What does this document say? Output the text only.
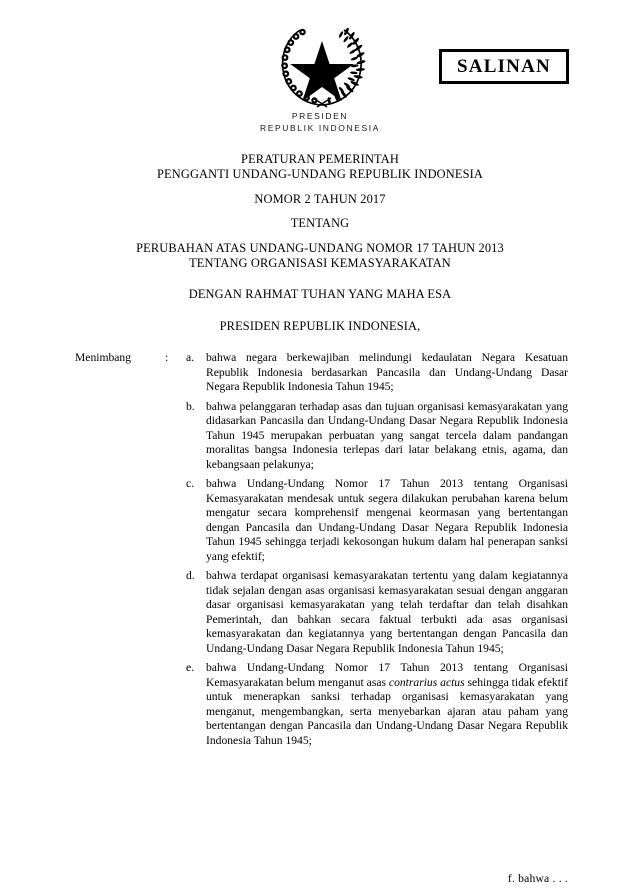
SALINAN
PRESIDEN
REPUBLIK INDONESIA
PERATURAN PEMERINTAH
PENGGANTI UNDANG-UNDANG REPUBLIK INDONESIA
NOMOR 2 TAHUN 2017
TENTANG
PERUBAHAN ATAS UNDANG-UNDANG NOMOR 17 TAHUN 2013
TENTANG ORGANISASI KEMASYARAKATAN
DENGAN RAHMAT TUHAN YANG MAHA ESA
PRESIDEN REPUBLIK INDONESIA,
Menimbang	:	a.	bahwa negara berkewajiban melindungi kedaulatan Negara Kesatuan Republik Indonesia berdasarkan Pancasila dan Undang-Undang Dasar Negara Republik Indonesia Tahun 1945;

		b.	bahwa pelanggaran terhadap asas dan tujuan organisasi kemasyarakatan yang didasarkan Pancasila dan Undang-Undang Dasar Negara Republik Indonesia Tahun 1945 merupakan perbuatan yang sangat tercela dalam pandangan moralitas bangsa Indonesia terlepas dari latar belakang etnis, agama, dan kebangsaan pelakunya;

		c.	bahwa Undang-Undang Nomor 17 Tahun 2013 tentang Organisasi Kemasyarakatan mendesak untuk segera dilakukan perubahan karena belum mengatur secara komprehensif mengenai keormasan yang bertentangan dengan Pancasila dan Undang-Undang Dasar Negara Republik Indonesia Tahun 1945 sehingga terjadi kekosongan hukum dalam hal penerapan sanksi yang efektif;

		d.	bahwa terdapat organisasi kemasyarakatan tertentu yang dalam kegiatannya tidak sejalan dengan asas organisasi kemasyarakatan sesuai dengan anggaran dasar organisasi kemasyarakatan yang telah terdaftar dan telah disahkan Pemerintah, dan bahkan secara faktual terbukti ada asas organisasi kemasyarakatan dan kegiatannya yang bertentangan dengan Pancasila dan Undang-Undang Dasar Negara Republik Indonesia Tahun 1945;

		e.	bahwa Undang-Undang Nomor 17 Tahun 2013 tentang Organisasi Kemasyarakatan belum menganut asas contrarius actus sehingga tidak efektif untuk menerapkan sanksi terhadap organisasi kemasyarakatan yang menganut, mengembangkan, serta menyebarkan ajaran atau paham yang bertentangan dengan Pancasila dan Undang-Undang Dasar Negara Republik Indonesia Tahun 1945;
f. bahwa . . .
